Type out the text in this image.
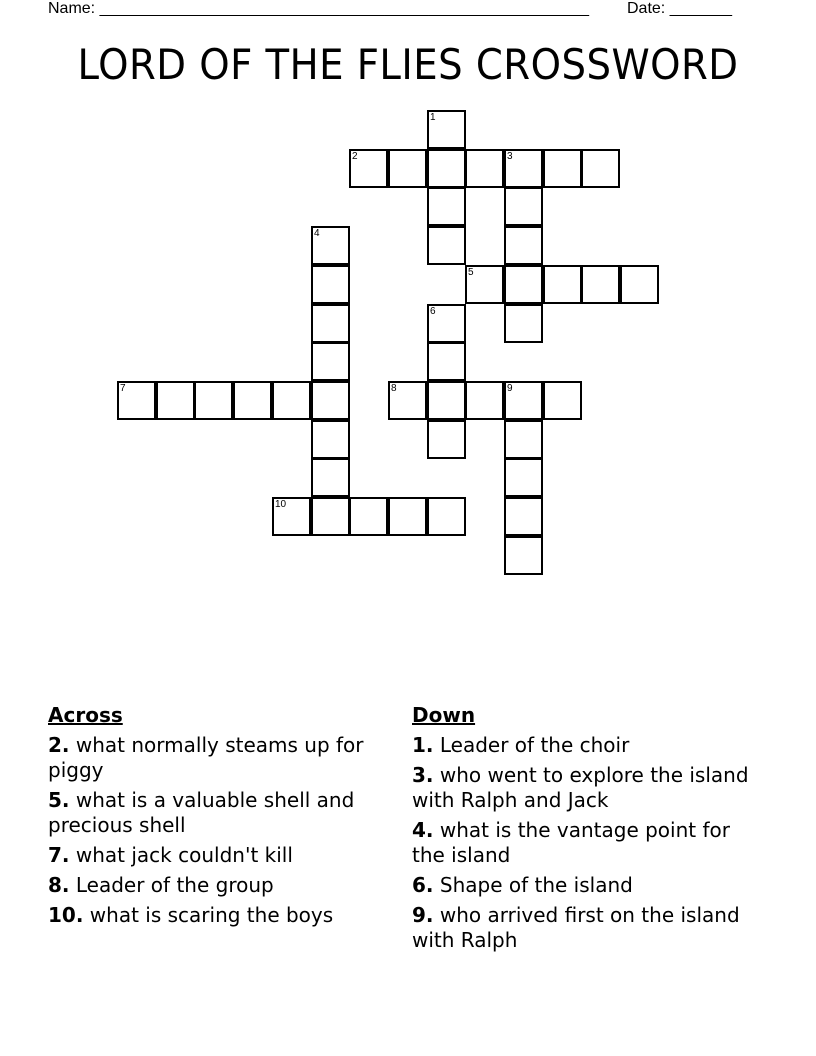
Name: _______________________________________________________ Date: _______
LORD OF THE FLIES CROSSWORD
1
2	3
4
5
6
7	8	9
10
Across
2. what normally steams up for piggy
5. what is a valuable shell and precious shell
7. what jack couldn't kill
8. Leader of the group
10. what is scaring the boys
Down
1. Leader of the choir
3. who went to explore the island with Ralph and Jack
4. what is the vantage point for the island
6. Shape of the island
9. who arrived first on the island with Ralph
